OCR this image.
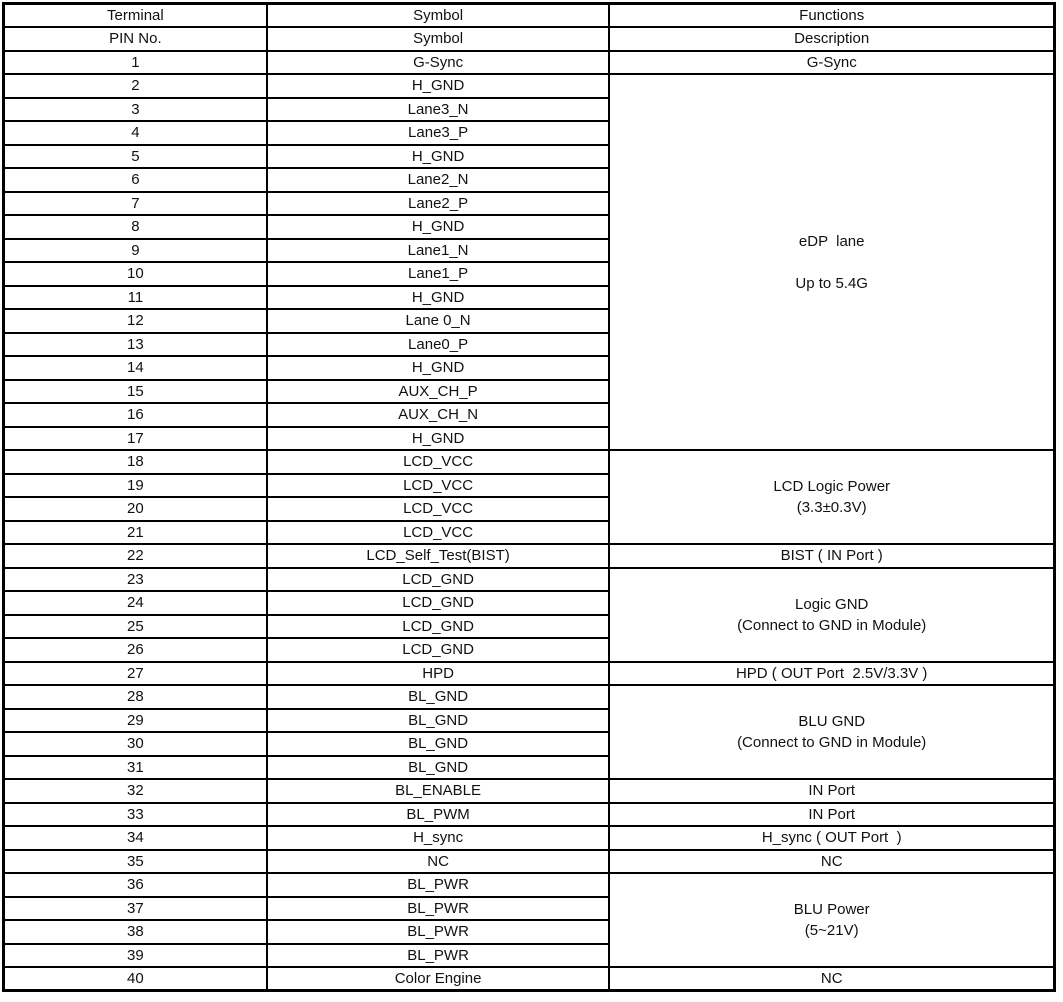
Terminal	Symbol	Functions
PIN No.	Symbol	Description
1	G-Sync	G-Sync

2	H_GND	eDP  lane
Up to 5.4G

3	Lane3_N	
4	Lane3_P	
5	H_GND	
6	Lane2_N	
7	Lane2_P	
8	H_GND	
9	Lane1_N	
10	Lane1_P	
11	H_GND	
12	Lane 0_N	
13	Lane0_P	
14	H_GND	
15	AUX_CH_P	
16	AUX_CH_N	
17	H_GND	
18	LCD_VCC	LCD Logic Power
(3.3±0.3V)

19	LCD_VCC	
20	LCD_VCC	
21	LCD_VCC	
22	LCD_Self_Test(BIST)	BIST ( IN Port )

23	LCD_GND	Logic GND
(Connect to GND in Module)

24	LCD_GND	
25	LCD_GND	
26	LCD_GND	
27	HPD	HPD ( OUT Port  2.5V/3.3V )

28	BL_GND	BLU GND
(Connect to GND in Module)

29	BL_GND	
30	BL_GND	
31	BL_GND	
32	BL_ENABLE	IN Port

33	BL_PWM	IN Port

34	H_sync	H_sync ( OUT Port  )

35	NC	NC

36	BL_PWR	BLU Power
(5~21V)

37	BL_PWR	
38	BL_PWR	
39	BL_PWR	
40	Color Engine	NC
